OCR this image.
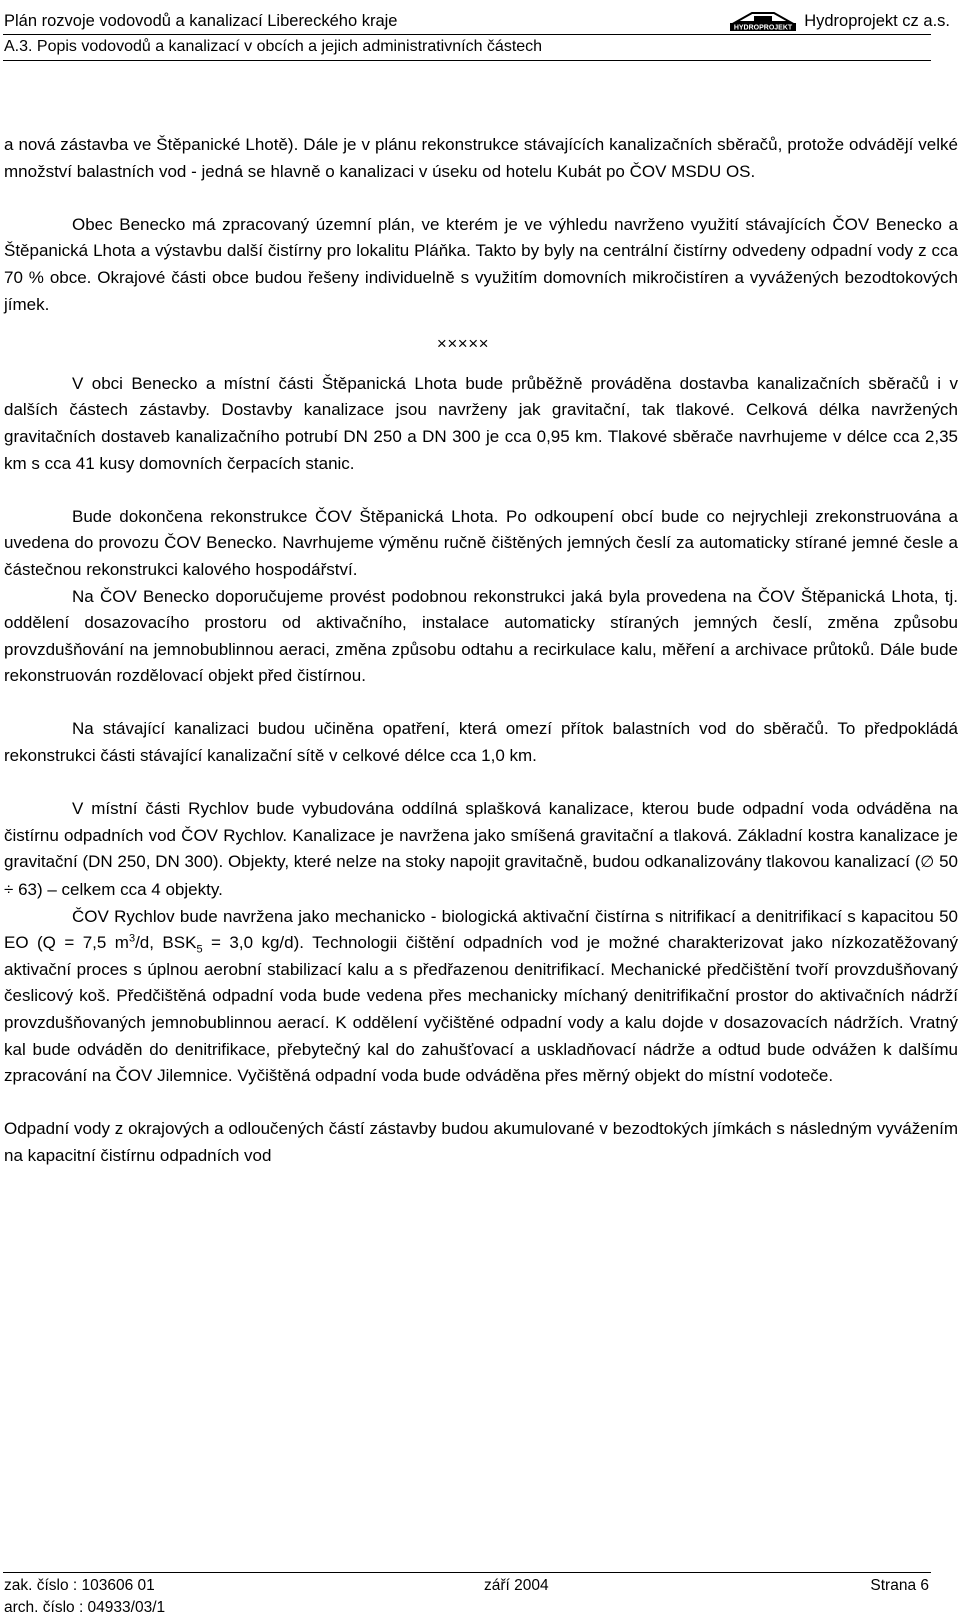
Plán rozvoje vodovodů a kanalizací Libereckého kraje	HYDROPROJEKT Hydroprojekt cz a.s.
A.3. Popis vodovodů a kanalizací v obcích a jejich administrativních částech

a nová zástavba ve Štěpanické Lhotě). Dále je v plánu rekonstrukce stávajících kanalizačních sběračů, protože odvádějí velké množství balastních vod - jedná se hlavně o kanalizaci v úseku od hotelu Kubát po ČOV MSDU OS.

Obec Benecko má zpracovaný územní plán, ve kterém je ve výhledu navrženo využití stávajících ČOV Benecko a Štěpanická Lhota a výstavbu další čistírny pro lokalitu Pláňka. Takto by byly na centrální čistírny odvedeny odpadní vody z cca 70 % obce. Okrajové části obce budou řešeny individuelně s využitím domovních mikročistíren a vyvážených bezodtokových jímek.

×××××

V obci Benecko a místní části Štěpanická Lhota bude průběžně prováděna dostavba kanalizačních sběračů i v dalších částech zástavby. Dostavby kanalizace jsou navrženy jak gravitační, tak tlakové. Celková délka navržených gravitačních dostaveb kanalizačního potrubí DN 250 a DN 300 je cca 0,95 km. Tlakové sběrače navrhujeme v délce cca 2,35 km s cca 41 kusy domovních čerpacích stanic.

Bude dokončena rekonstrukce ČOV Štěpanická Lhota. Po odkoupení obcí bude co nejrychleji zrekonstruována a uvedena do provozu ČOV Benecko. Navrhujeme výměnu ručně čištěných jemných česlí za automaticky stírané jemné česle a částečnou rekonstrukci kalového hospodářství.

Na ČOV Benecko doporučujeme provést podobnou rekonstrukci jaká byla provedena na ČOV Štěpanická Lhota, tj. oddělení dosazovacího prostoru od aktivačního, instalace automaticky stíraných jemných česlí, změna způsobu provzdušňování na jemnobublinnou aeraci, změna způsobu odtahu a recirkulace kalu, měření a archivace průtoků. Dále bude rekonstruován rozdělovací objekt před čistírnou.

Na stávající kanalizaci budou učiněna opatření, která omezí přítok balastních vod do sběračů. To předpokládá rekonstrukci části stávající kanalizační sítě v celkové délce cca 1,0 km.

V místní části Rychlov bude vybudována oddílná splašková kanalizace, kterou bude odpadní voda odváděna na čistírnu odpadních vod ČOV Rychlov. Kanalizace je navržena jako smíšená gravitační a tlaková. Základní kostra kanalizace je gravitační (DN 250, DN 300). Objekty, které nelze na stoky napojit gravitačně, budou odkanalizovány tlakovou kanalizací (∅ 50 ÷ 63) – celkem cca 4 objekty.

ČOV Rychlov bude navržena jako mechanicko - biologická aktivační čistírna s nitrifikací a denitrifikací s kapacitou 50 EO (Q = 7,5 $m^3/d$, $BSK_5 = 3,0$ kg/d). Technologii čištění odpadních vod je možné charakterizovat jako nízkozatěžovaný aktivační proces s úplnou aerobní stabilizací kalu a s předřazenou denitrifikací. Mechanické předčištění tvoří provzdušňovaný česlicový koš. Předčištěná odpadní voda bude vedena přes mechanicky míchaný denitrifikační prostor do aktivačních nádrží provzdušňovaných jemnobublinnou aerací. K oddělení vyčištěné odpadní vody a kalu dojde v dosazovacích nádržích. Vratný kal bude odváděn do denitrifikace, přebytečný kal do zahušťovací a uskladňovací nádrže a odtud bude odvážen k dalšímu zpracování na ČOV Jilemnice. Vyčištěná odpadní voda bude odváděna přes měrný objekt do místní vodoteče.

Odpadní vody z okrajových a odloučených částí zástavby budou akumulované v bezodtokých jímkách s následným vyvážením na kapacitní čistírnu odpadních vod

zak. číslo : 103606 01	září 2004	Strana 6
arch. číslo : 04933/03/1
